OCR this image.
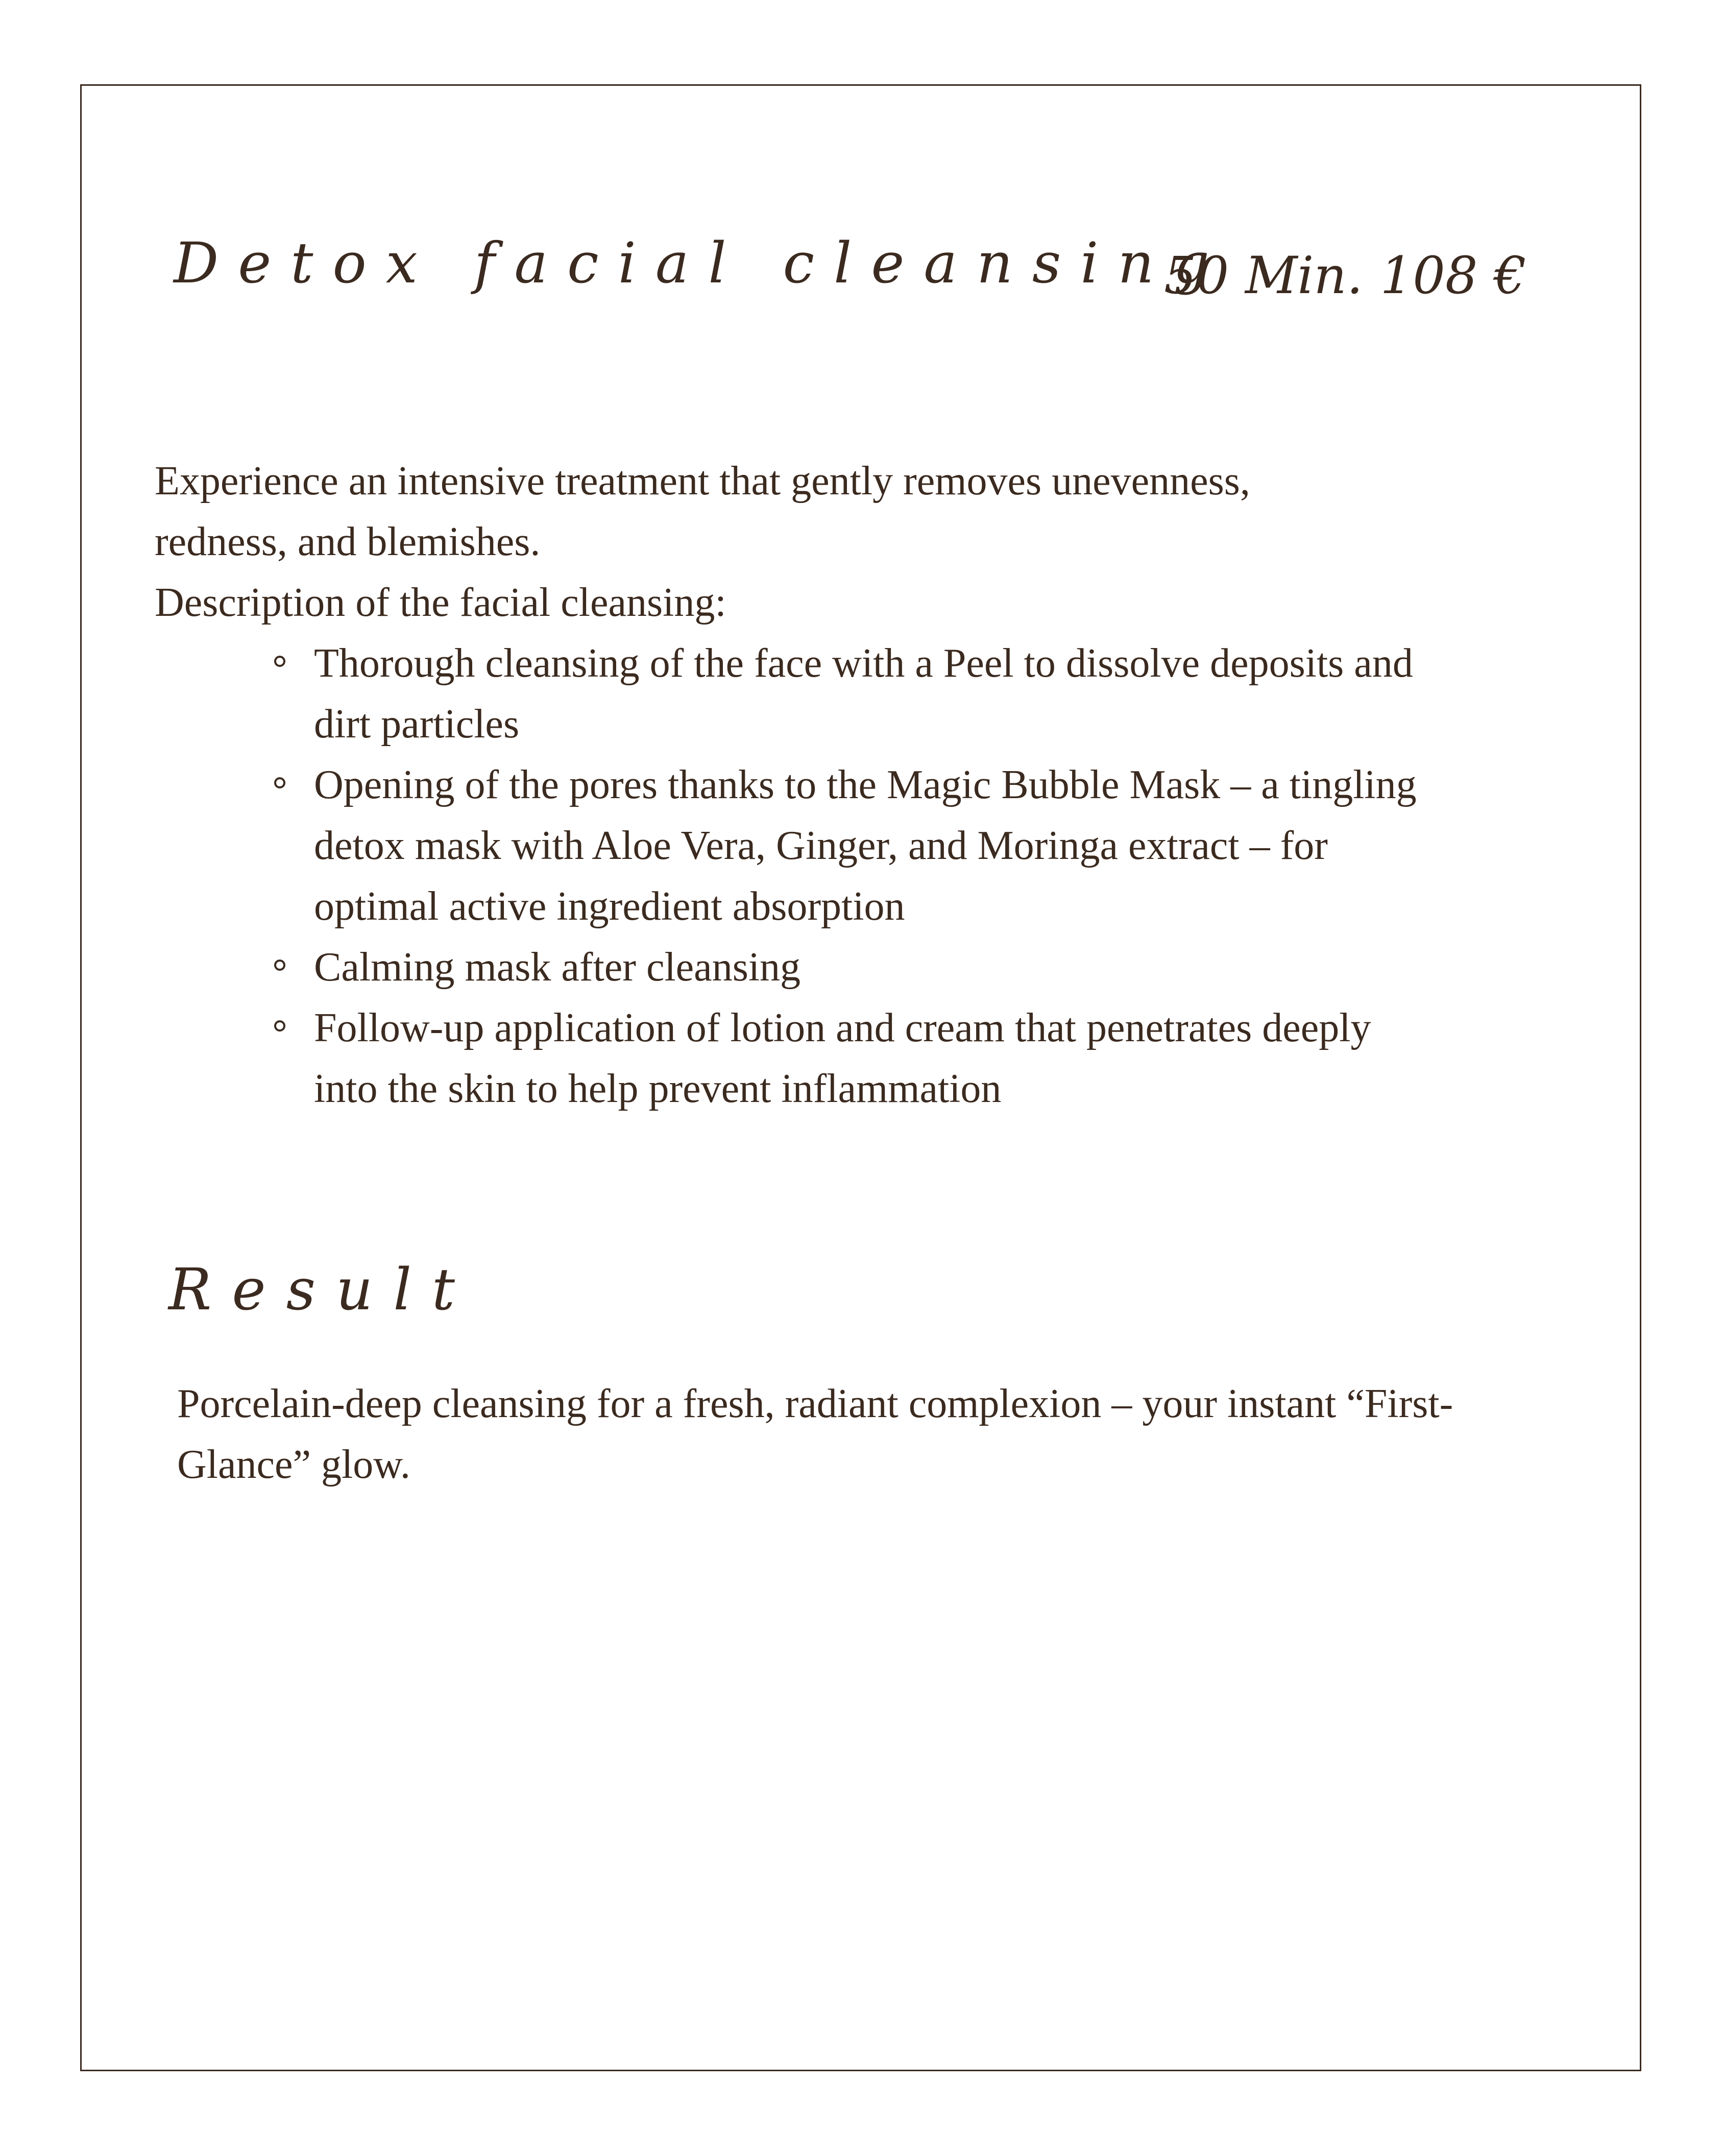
Detox facial cleansing
50 Min. 108 €
Experience an intensive treatment that gently removes unevenness,
redness, and blemishes.
Description of the facial cleansing:
Thorough cleansing of the face with a Peel to dissolve deposits and
dirt particles
Opening of the pores thanks to the Magic Bubble Mask – a tingling
detox mask with Aloe Vera, Ginger, and Moringa extract – for
optimal active ingredient absorption
Calming mask after cleansing
Follow-up application of lotion and cream that penetrates deeply
into the skin to help prevent inflammation
Result
Porcelain-deep cleansing for a fresh, radiant complexion – your instant “First-
Glance” glow.
